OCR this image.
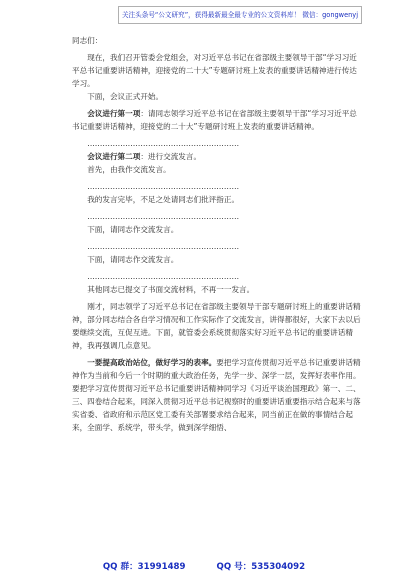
关注头条号“公文研究”，获得最新最全最专业的公文资料库！ 微信：gongwenyj

同志们：

现在，我们召开管委会党组会，对习近平总书记在省部级主要领导干部“学习习近平总书记重要讲话精神，迎接党的二十大”专题研讨班上发表的重要讲话精神进行传达学习。

下面，会议正式开始。

会议进行第一项：请同志领学习近平总书记在省部级主要领导干部“学习习近平总书记重要讲话精神，迎接党的二十大”专题研讨班上发表的重要讲话精神。

……………………………………………………

会议进行第二项：进行交流发言。

首先，由我作交流发言。

……………………………………………………

我的发言完毕，不足之处请同志们批评指正。

……………………………………………………

下面，请同志作交流发言。

……………………………………………………

下面，请同志作交流发言。

……………………………………………………

其他同志已提交了书面交流材料，不再一一发言。

刚才，同志领学了习近平总书记在省部级主要领导干部专题研讨班上的重要讲话精神，部分同志结合各自学习情况和工作实际作了交流发言，讲得都很好，大家下去以后要继续交流，互促互进。下面，就管委会系统贯彻落实好习近平总书记的重要讲话精神，我再强调几点意见。

一要提高政治站位，做好学习的表率。要把学习宣传贯彻习近平总书记重要讲话精神作为当前和今后一个时期的重大政治任务，先学一步、深学一层，发挥好表率作用。要把学习宣传贯彻习近平总书记重要讲话精神同学习《习近平谈治国理政》第一、二、三、四卷结合起来，同深入贯彻习近平总书记视察时的重要讲话重要指示结合起来与落实省委、省政府和示范区党工委有关部署要求结合起来，同当前正在做的事情结合起来，全面学、系统学，带头学，做到深学细悟、

QQ 群：31991489	QQ 号：535304092
